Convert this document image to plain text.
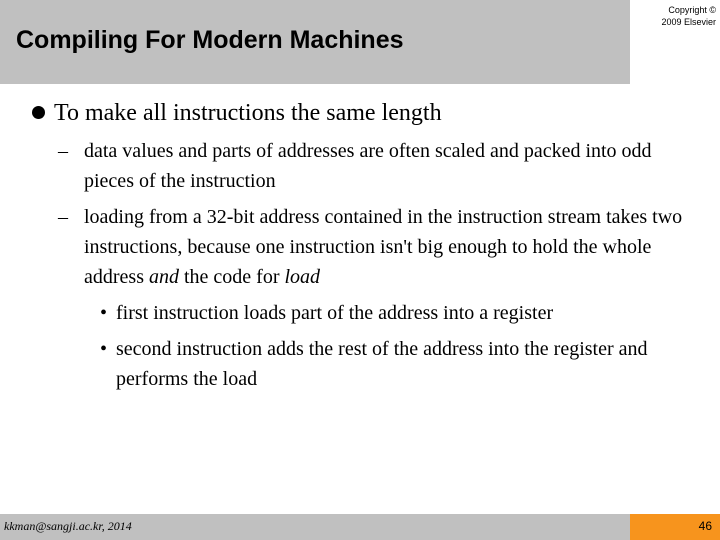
Compiling For Modern Machines
Copyright ©
2009 Elsevier
To make all instructions the same length
– data values and parts of addresses are often scaled and packed into odd pieces of the instruction
– loading from a 32-bit address contained in the instruction stream takes two instructions, because one instruction isn't big enough to hold the whole address and the code for load
• first instruction loads part of the address into a register
• second instruction adds the rest of the address into the register and performs the load
kkman@sangji.ac.kr, 2014	46
